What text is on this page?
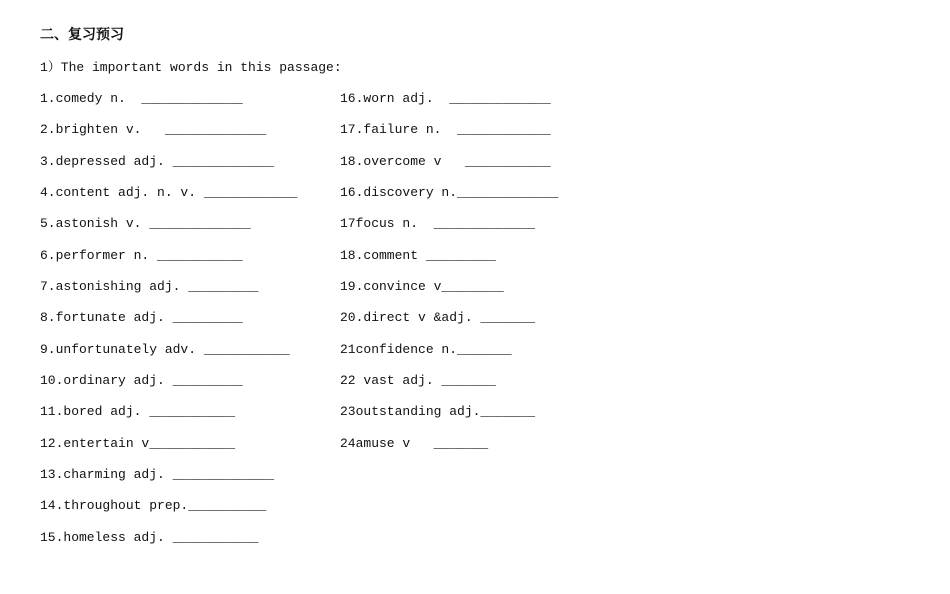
二、复习预习
1）The important words in this passage:
1.comedy n.  _____________
2.brighten v.   _____________
3.depressed adj. _____________
4.content adj. n. v. ____________
5.astonish v. _____________
6.performer n. ___________
7.astonishing adj. _________
8.fortunate adj. _________
9.unfortunately adv. ___________
10.ordinary adj. _________
11.bored adj. ___________
12.entertain v___________
13.charming adj. _____________
14.throughout prep.__________
15.homeless adj. ___________
16.worn adj.  _____________
17.failure n.  ____________
18.overcome v   ___________
16.discovery n._____________
17focus n.  _____________
18.comment _________
19.convince v________
20.direct v &adj. _______
21confidence n._______
22 vast adj. _______
23outstanding adj._______
24amuse v   _______
